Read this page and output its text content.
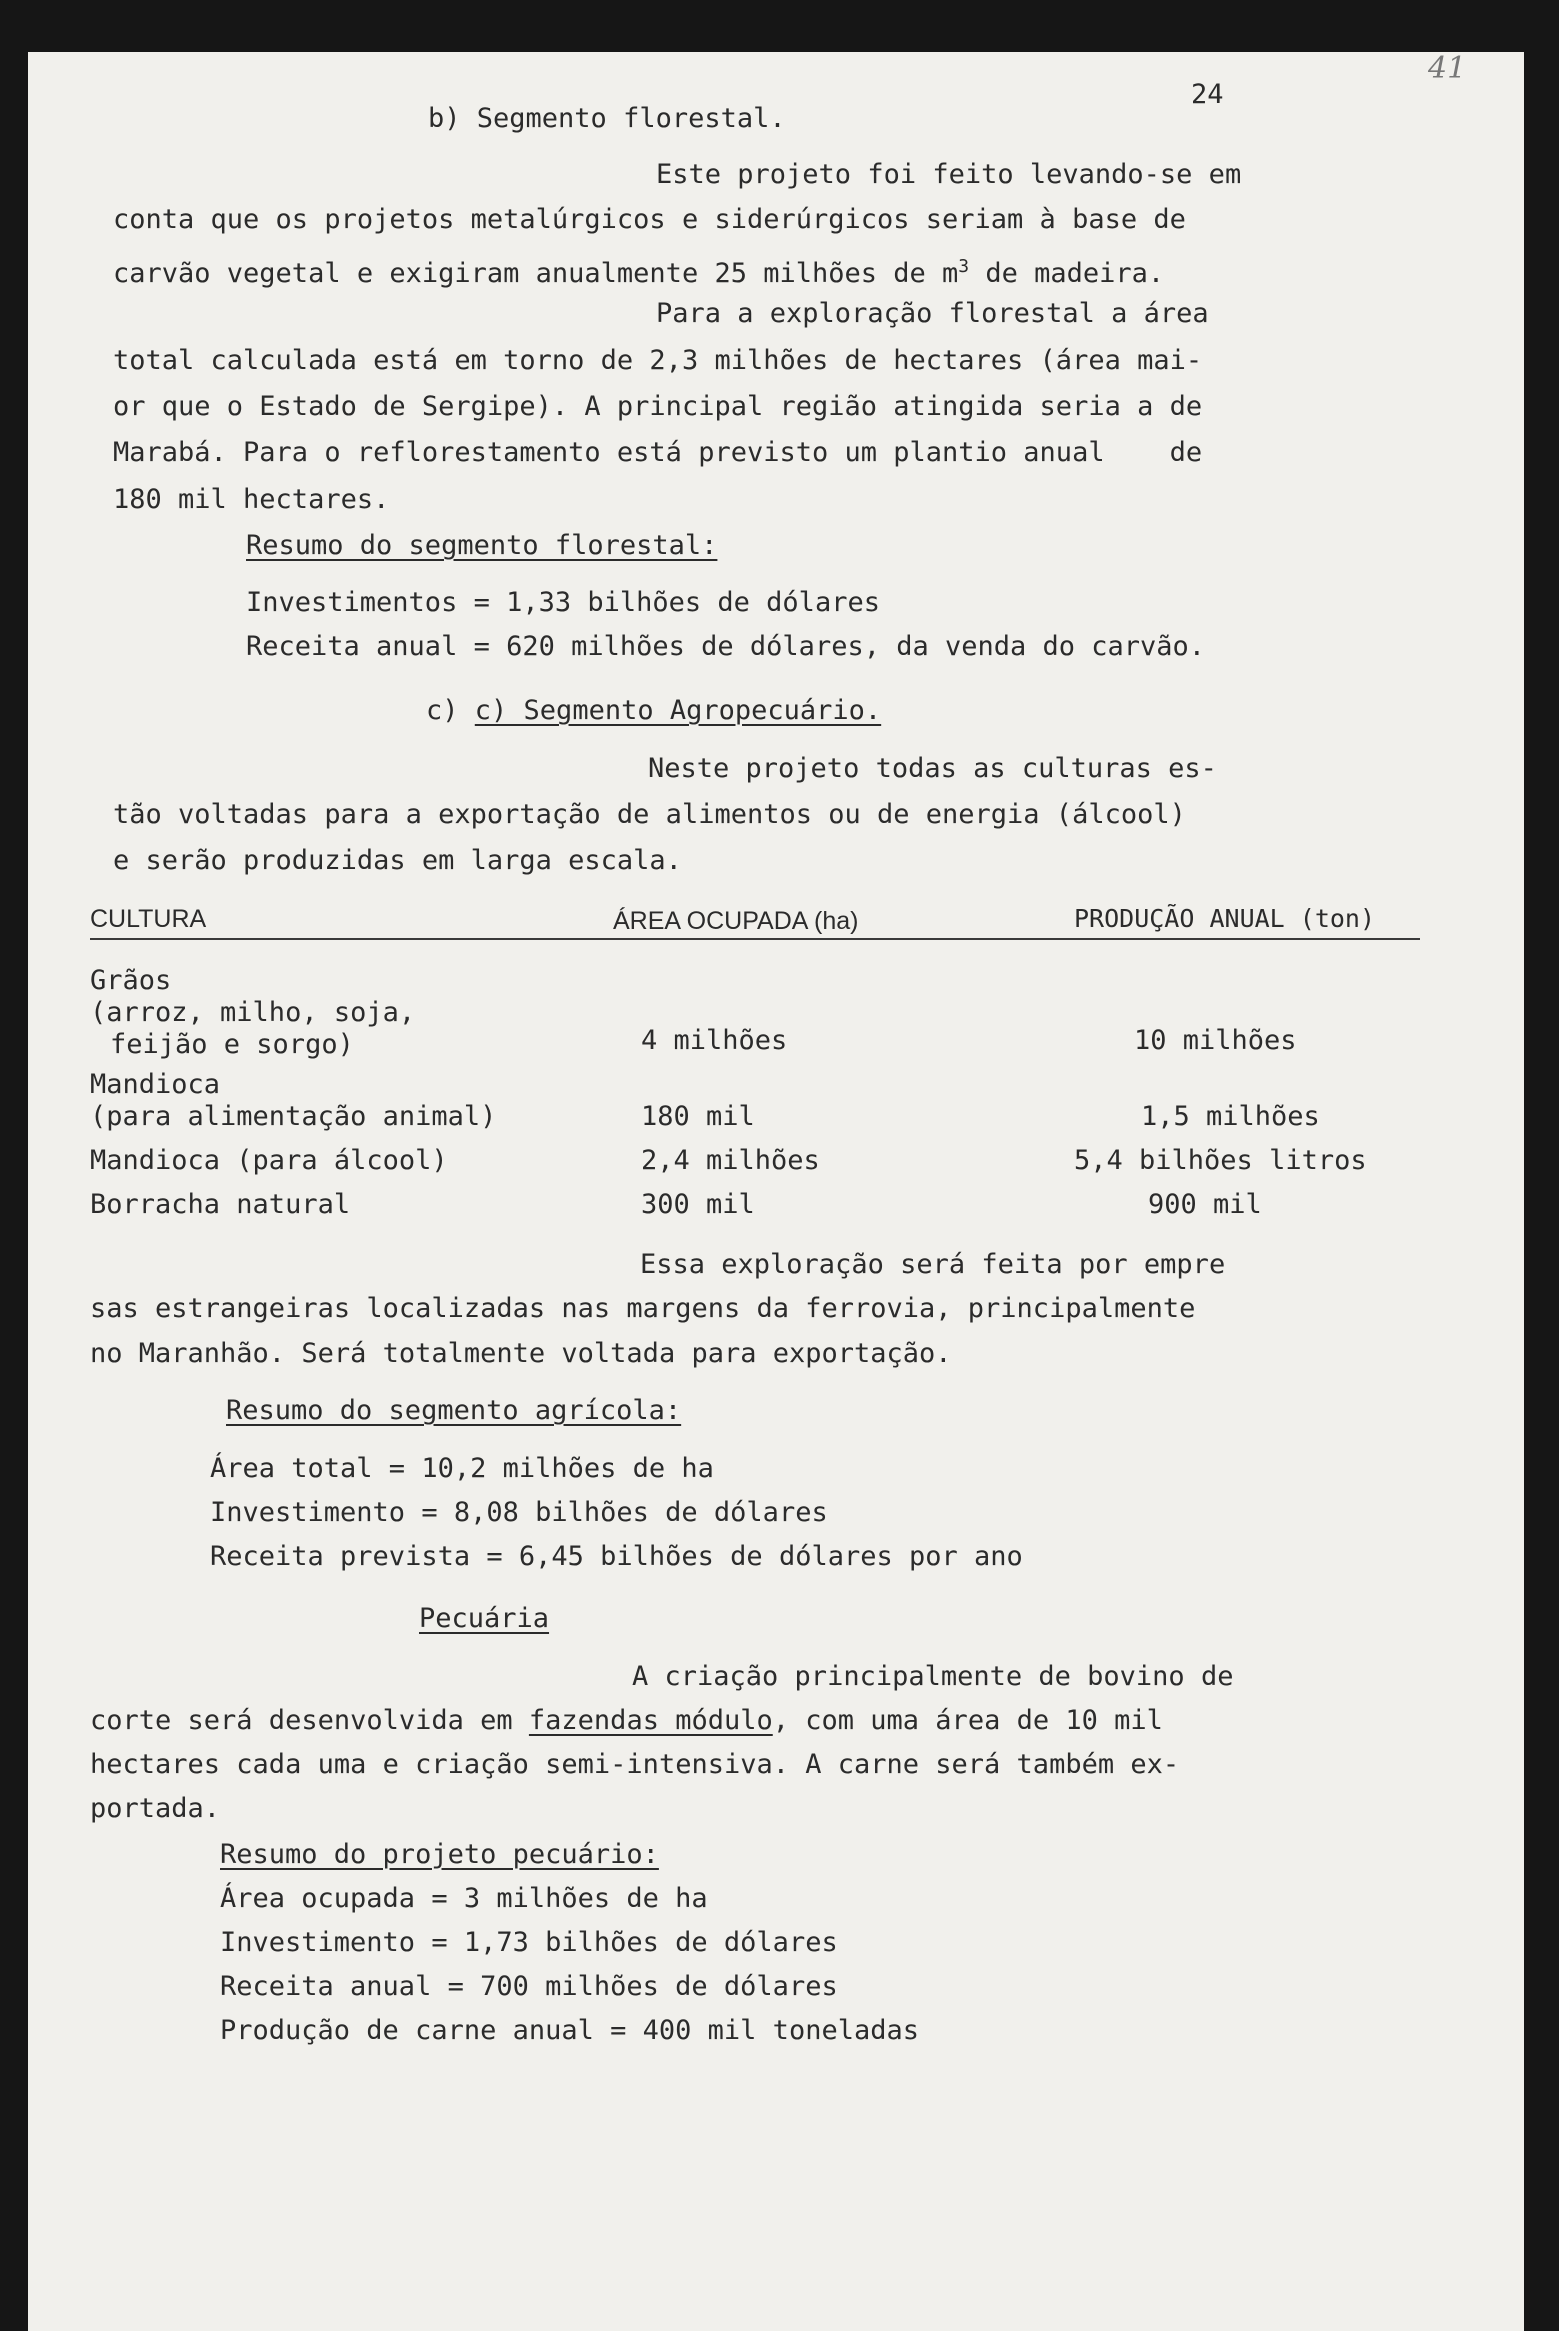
41
24
b) Segmento florestal.
Este projeto foi feito levando-se em
conta que os projetos metalúrgicos e siderúrgicos seriam à base de
carvão vegetal e exigiram anualmente 25 milhões de $m^3$ de madeira.
Para a exploração florestal a área
total calculada está em torno de 2,3 milhões de hectares (área mai-
or que o Estado de Sergipe). A principal região atingida seria a de
Marabá. Para o reflorestamento está previsto um plantio anual    de
180 mil hectares.
Resumo do segmento florestal:
Investimentos = 1,33 bilhões de dólares
Receita anual = 620 milhões de dólares, da venda do carvão.
c) c) Segmento Agropecuário.
Neste projeto todas as culturas es-
tão voltadas para a exportação de alimentos ou de energia (álcool)
e serão produzidas em larga escala.
CULTURA	ÁREA OCUPADA (ha)	PRODUÇÃO ANUAL (ton)
Grãos
(arroz, milho, soja,
feijão e sorgo)	4 milhões	10 milhões
Mandioca
(para alimentação animal)	180 mil	1,5 milhões
Mandioca (para álcool)	2,4 milhões	5,4 bilhões litros
Borracha natural	300 mil	900 mil
Essa exploração será feita por empre
sas estrangeiras localizadas nas margens da ferrovia, principalmente
no Maranhão. Será totalmente voltada para exportação.
Resumo do segmento agrícola:
Área total = 10,2 milhões de ha
Investimento = 8,08 bilhões de dólares
Receita prevista = 6,45 bilhões de dólares por ano
Pecuária
A criação principalmente de bovino de
corte será desenvolvida em fazendas módulo, com uma área de 10 mil
hectares cada uma e criação semi-intensiva. A carne será também ex-
portada.
Resumo do projeto pecuário:
Área ocupada = 3 milhões de ha
Investimento = 1,73 bilhões de dólares
Receita anual = 700 milhões de dólares
Produção de carne anual = 400 mil toneladas
